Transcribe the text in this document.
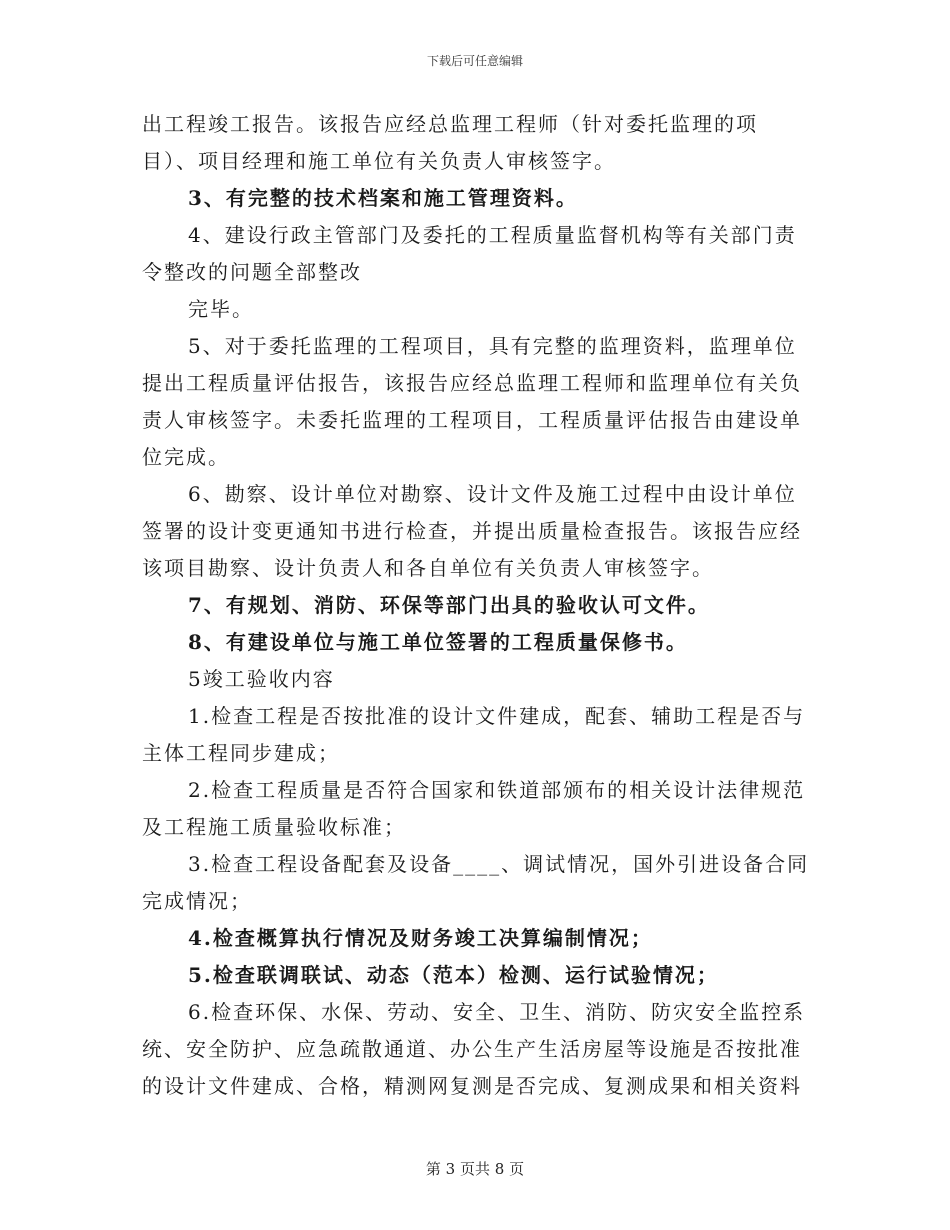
下载后可任意编辑

出工程竣工报告。该报告应经总监理工程师（针对委托监理的项目）、项目经理和施工单位有关负责人审核签字。

3、有完整的技术档案和施工管理资料。

4、建设行政主管部门及委托的工程质量监督机构等有关部门责令整改的问题全部整改

完毕。

5、对于委托监理的工程项目，具有完整的监理资料，监理单位提出工程质量评估报告，该报告应经总监理工程师和监理单位有关负责人审核签字。未委托监理的工程项目，工程质量评估报告由建设单位完成。

6、勘察、设计单位对勘察、设计文件及施工过程中由设计单位签署的设计变更通知书进行检查，并提出质量检查报告。该报告应经该项目勘察、设计负责人和各自单位有关负责人审核签字。

7、有规划、消防、环保等部门出具的验收认可文件。

8、有建设单位与施工单位签署的工程质量保修书。

5竣工验收内容

1.检查工程是否按批准的设计文件建成，配套、辅助工程是否与主体工程同步建成；

2.检查工程质量是否符合国家和铁道部颁布的相关设计法律规范及工程施工质量验收标准；

3.检查工程设备配套及设备____、调试情况，国外引进设备合同完成情况；

4.检查概算执行情况及财务竣工决算编制情况；

5.检查联调联试、动态（范本）检测、运行试验情况；

6.检查环保、水保、劳动、安全、卫生、消防、防灾安全监控系统、安全防护、应急疏散通道、办公生产生活房屋等设施是否按批准的设计文件建成、合格，精测网复测是否完成、复测成果和相关资料

第 3 页共 8 页
